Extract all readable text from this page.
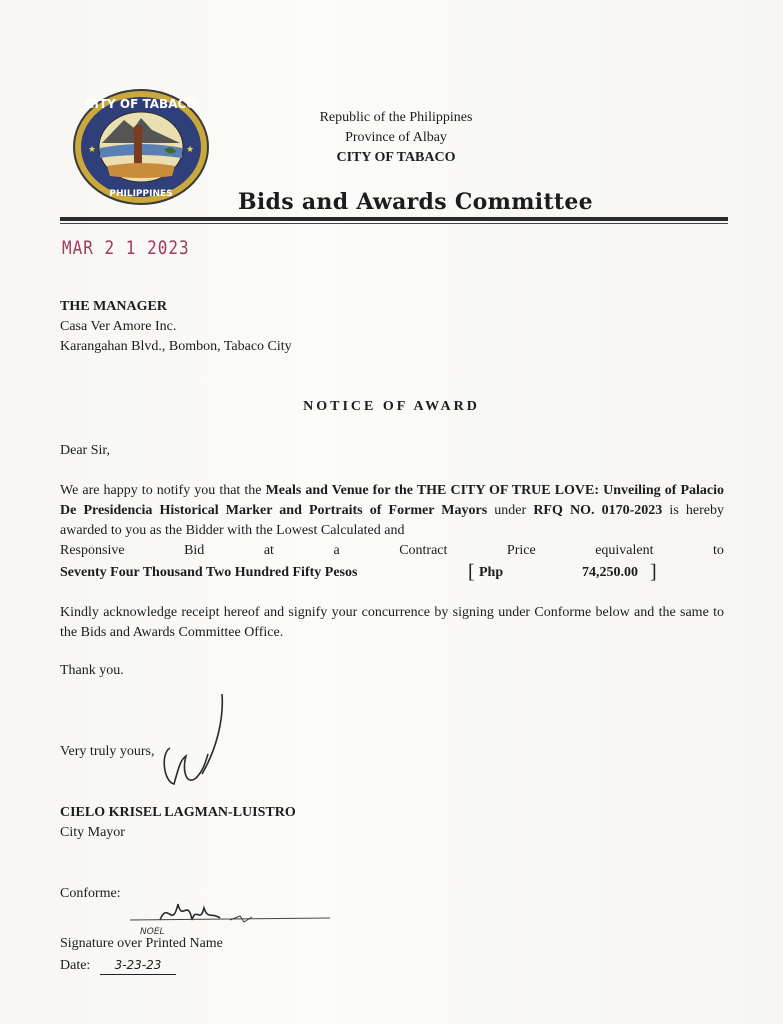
CITY OF TABACO
PHILIPPINES
★	★
Republic of the Philippines
Province of Albay
CITY OF TABACO
Bids and Awards Committee
MAR 2 1 2023
THE MANAGER
Casa Ver Amore Inc.
Karangahan Blvd., Bombon, Tabaco City
NOTICE OF AWARD
Dear Sir,
We are happy to notify you that the Meals and Venue for the THE CITY OF TRUE LOVE: Unveiling of Palacio De Presidencia Historical Marker and Portraits of Former Mayors under RFQ NO. 0170-2023 is hereby awarded to you as the Bidder with the Lowest Calculated and
Responsive	Bid	at	a	Contract	Price	equivalent	to
Seventy Four Thousand Two Hundred Fifty Pesos	[ Php	74,250.00 ]
Kindly acknowledge receipt hereof and signify your concurrence by signing under Conforme below and the same to the Bids and Awards Committee Office.
Thank you.
Very truly yours,
CIELO KRISEL LAGMAN-LUISTRO
City Mayor
Conforme:
NOEL
Signature over Printed Name
Date:	3-23-23
